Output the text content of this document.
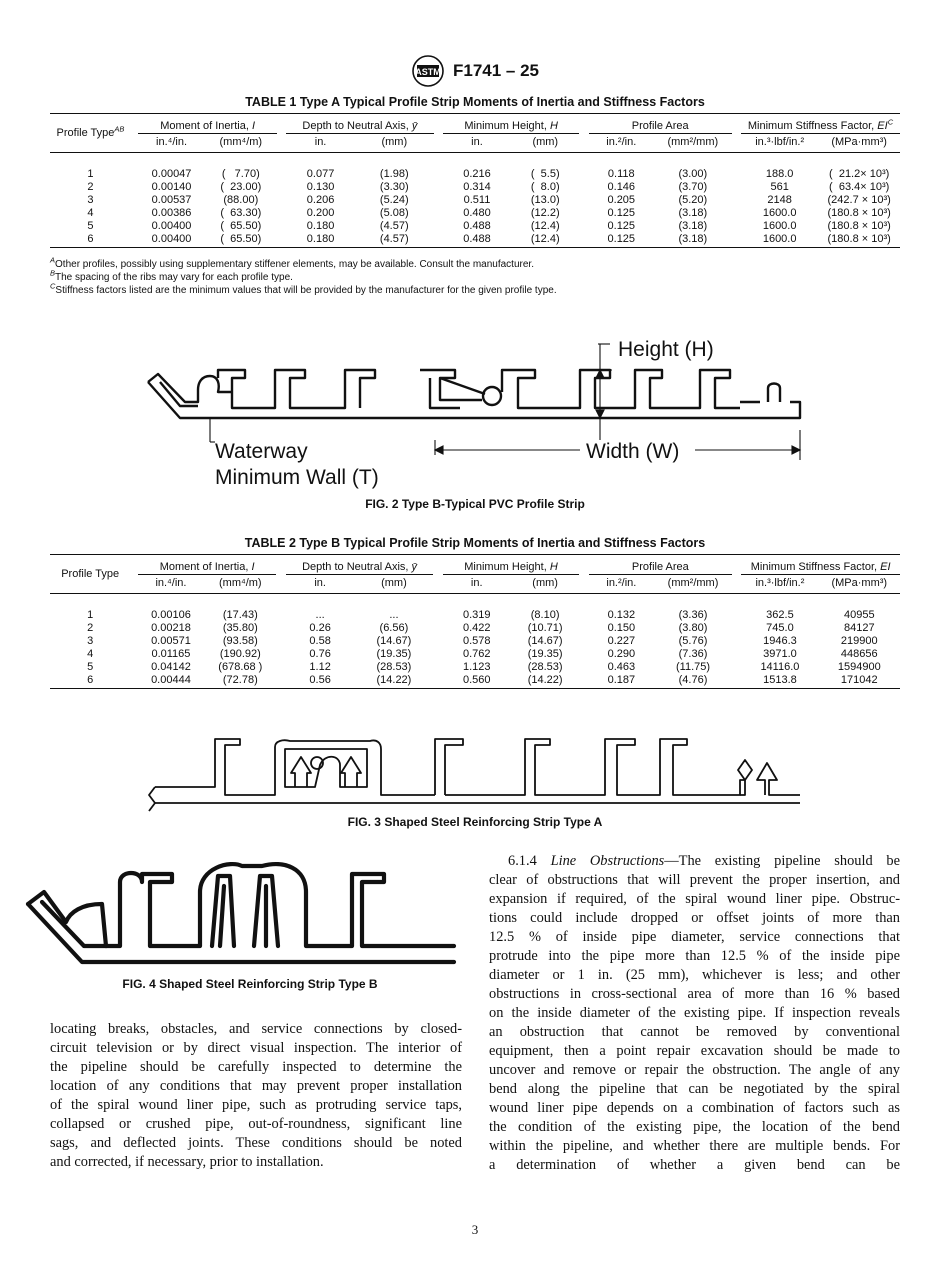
ASTM F1741 – 25
TABLE 1 Type A Typical Profile Strip Moments of Inertia and Stiffness Factors
Profile Type$^{AB}$		Moment of Inertia, I			Depth to Neutral Axis, ȳ			Minimum Height, H			Profile Area			Minimum Stiffness Factor, $EI^C$
		in.⁴/in.	(mm⁴/m)		in.	(mm)		in.	(mm)		in.²/in.	(mm²/mm)		in.³·lbf/in.²	(MPa·mm³)

1		0.00047	(   7.70)		0.077	(1.98)		0.216	(  5.5)		0.118	(3.00)		188.0	(  21.2× 10³)
2		0.00140	(  23.00)		0.130	(3.30)		0.314	(  8.0)		0.146	(3.70)		561	(  63.4× 10³)
3		0.00537	(88.00)		0.206	(5.24)		0.511	(13.0)		0.205	(5.20)		2148	(242.7 × 10³)
4		0.00386	(  63.30)		0.200	(5.08)		0.480	(12.2)		0.125	(3.18)		1600.0	(180.8 × 10³)
5		0.00400	(  65.50)		0.180	(4.57)		0.488	(12.4)		0.125	(3.18)		1600.0	(180.8 × 10³)
6		0.00400	(  65.50)		0.180	(4.57)		0.488	(12.4)		0.125	(3.18)		1600.0	(180.8 × 10³)
$^A$Other profiles, possibly using supplementary stiffener elements, may be available. Consult the manufacturer.
$^B$The spacing of the ribs may vary for each profile type.
$^C$Stiffness factors listed are the minimum values that will be provided by the manufacturer for the given profile type.
Height (H)
Waterway
Minimum Wall (T)
Width (W)
FIG. 2 Type B-Typical PVC Profile Strip
TABLE 2 Type B Typical Profile Strip Moments of Inertia and Stiffness Factors
Profile Type		Moment of Inertia, I			Depth to Neutral Axis, ȳ			Minimum Height, H			Profile Area			Minimum Stiffness Factor, EI	
		in.⁴/in.	(mm⁴/m)		in.	(mm)		in.	(mm)		in.²/in.	(mm²/mm)		in.³·lbf/in.²	(MPa·mm³)

1		0.00106	(17.43)		...	...		0.319	(8.10)		0.132	(3.36)		362.5	40955
2		0.00218	(35.80)		0.26	(6.56)		0.422	(10.71)		0.150	(3.80)		745.0	84127
3		0.00571	(93.58)		0.58	(14.67)		0.578	(14.67)		0.227	(5.76)		1946.3	219900
4		0.01165	(190.92)		0.76	(19.35)		0.762	(19.35)		0.290	(7.36)		3971.0	448656
5		0.04142	(678.68 )		1.12	(28.53)		1.123	(28.53)		0.463	(11.75)		14116.0	1594900
6		0.00444	(72.78)		0.56	(14.22)		0.560	(14.22)		0.187	(4.76)		1513.8	171042
FIG. 3 Shaped Steel Reinforcing Strip Type A
FIG. 4 Shaped Steel Reinforcing Strip Type B
locating breaks, obstacles, and service connections by closed-
circuit television or by direct visual inspection. The interior of
the pipeline should be carefully inspected to determine the
location of any conditions that may prevent proper installation
of the spiral wound liner pipe, such as protruding service taps,
collapsed or crushed pipe, out-of-roundness, significant line
sags, and deflected joints. These conditions should be noted
and corrected, if necessary, prior to installation.
6.1.4 Line Obstructions—The existing pipeline should be
clear of obstructions that will prevent the proper insertion, and
expansion if required, of the spiral wound liner pipe. Obstruc-
tions could include dropped or offset joints of more than
12.5 % of inside pipe diameter, service connections that
protrude into the pipe more than 12.5 % of the inside pipe
diameter or 1 in. (25 mm), whichever is less; and other
obstructions in cross-sectional area of more than 16 % based
on the inside diameter of the existing pipe. If inspection reveals
an obstruction that cannot be removed by conventional
equipment, then a point repair excavation should be made to
uncover and remove or repair the obstruction. The angle of any
bend along the pipeline that can be negotiated by the spiral
wound liner pipe depends on a combination of factors such as
the condition of the existing pipe, the location of the bend
within the pipeline, and whether there are multiple bends. For
a determination of whether a given bend can be
3
